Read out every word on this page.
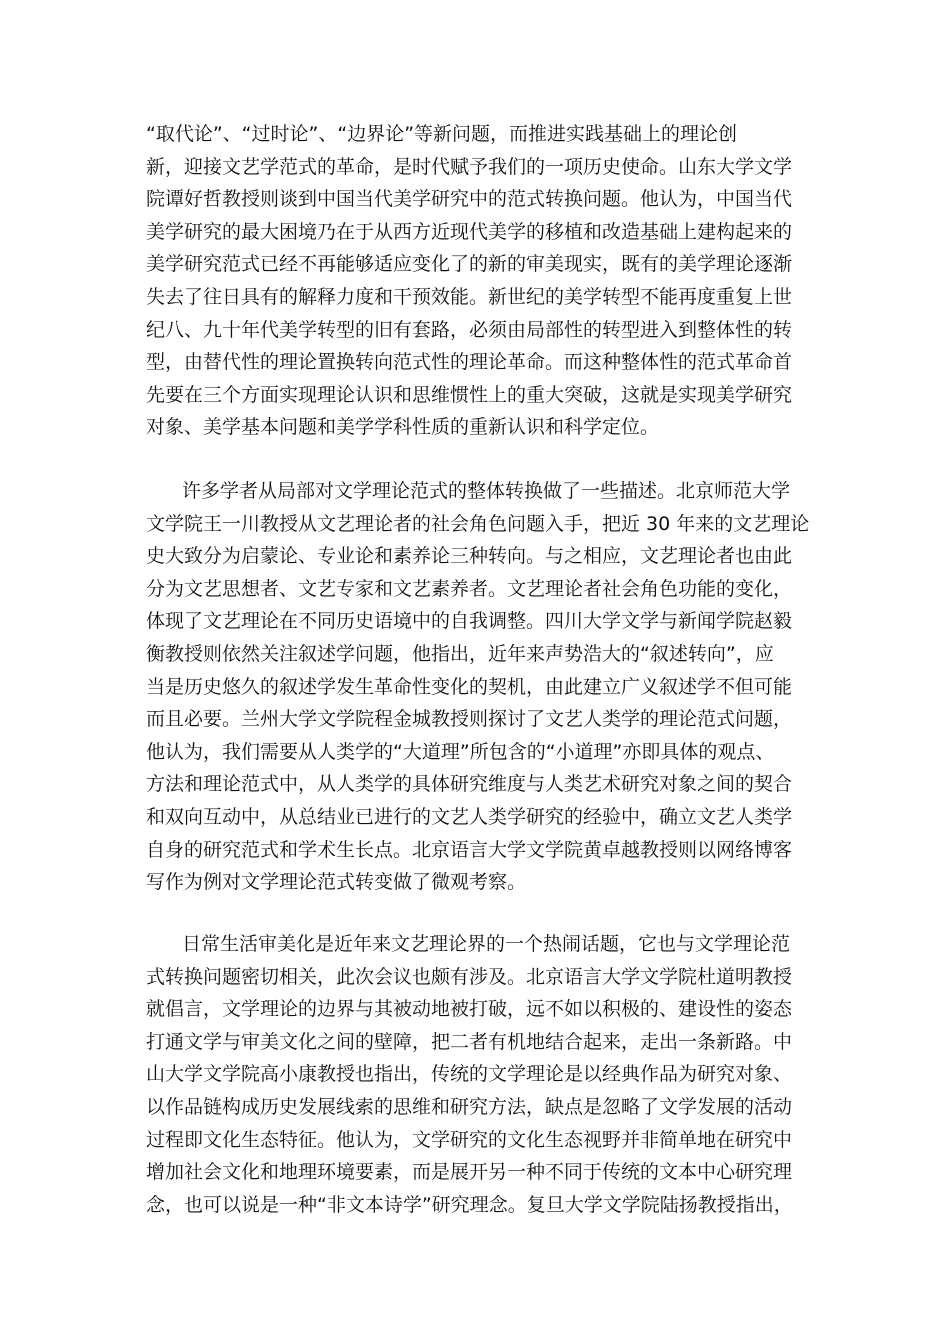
“取代论”、“过时论”、“边界论”等新问题，而推进实践基础上的理论创
新，迎接文艺学范式的革命，是时代赋予我们的一项历史使命。山东大学文学
院谭好哲教授则谈到中国当代美学研究中的范式转换问题。他认为，中国当代
美学研究的最大困境乃在于从西方近现代美学的移植和改造基础上建构起来的
美学研究范式已经不再能够适应变化了的新的审美现实，既有的美学理论逐渐
失去了往日具有的解释力度和干预效能。新世纪的美学转型不能再度重复上世
纪八、九十年代美学转型的旧有套路，必须由局部性的转型进入到整体性的转
型，由替代性的理论置换转向范式性的理论革命。而这种整体性的范式革命首
先要在三个方面实现理论认识和思维惯性上的重大突破，这就是实现美学研究
对象、美学基本问题和美学学科性质的重新认识和科学定位。
许多学者从局部对文学理论范式的整体转换做了一些描述。北京师范大学
文学院王一川教授从文艺理论者的社会角色问题入手，把近 30 年来的文艺理论
史大致分为启蒙论、专业论和素养论三种转向。与之相应，文艺理论者也由此
分为文艺思想者、文艺专家和文艺素养者。文艺理论者社会角色功能的变化，
体现了文艺理论在不同历史语境中的自我调整。四川大学文学与新闻学院赵毅
衡教授则依然关注叙述学问题，他指出，近年来声势浩大的“叙述转向”，应
当是历史悠久的叙述学发生革命性变化的契机，由此建立广义叙述学不但可能
而且必要。兰州大学文学院程金城教授则探讨了文艺人类学的理论范式问题，
他认为，我们需要从人类学的“大道理”所包含的“小道理”亦即具体的观点、
方法和理论范式中，从人类学的具体研究维度与人类艺术研究对象之间的契合
和双向互动中，从总结业已进行的文艺人类学研究的经验中，确立文艺人类学
自身的研究范式和学术生长点。北京语言大学文学院黄卓越教授则以网络博客
写作为例对文学理论范式转变做了微观考察。
日常生活审美化是近年来文艺理论界的一个热闹话题，它也与文学理论范
式转换问题密切相关，此次会议也颇有涉及。北京语言大学文学院杜道明教授
就倡言，文学理论的边界与其被动地被打破，远不如以积极的、建设性的姿态
打通文学与审美文化之间的壁障，把二者有机地结合起来，走出一条新路。中
山大学文学院高小康教授也指出，传统的文学理论是以经典作品为研究对象、
以作品链构成历史发展线索的思维和研究方法，缺点是忽略了文学发展的活动
过程即文化生态特征。他认为，文学研究的文化生态视野并非简单地在研究中
增加社会文化和地理环境要素，而是展开另一种不同于传统的文本中心研究理
念，也可以说是一种“非文本诗学”研究理念。复旦大学文学院陆扬教授指出，
